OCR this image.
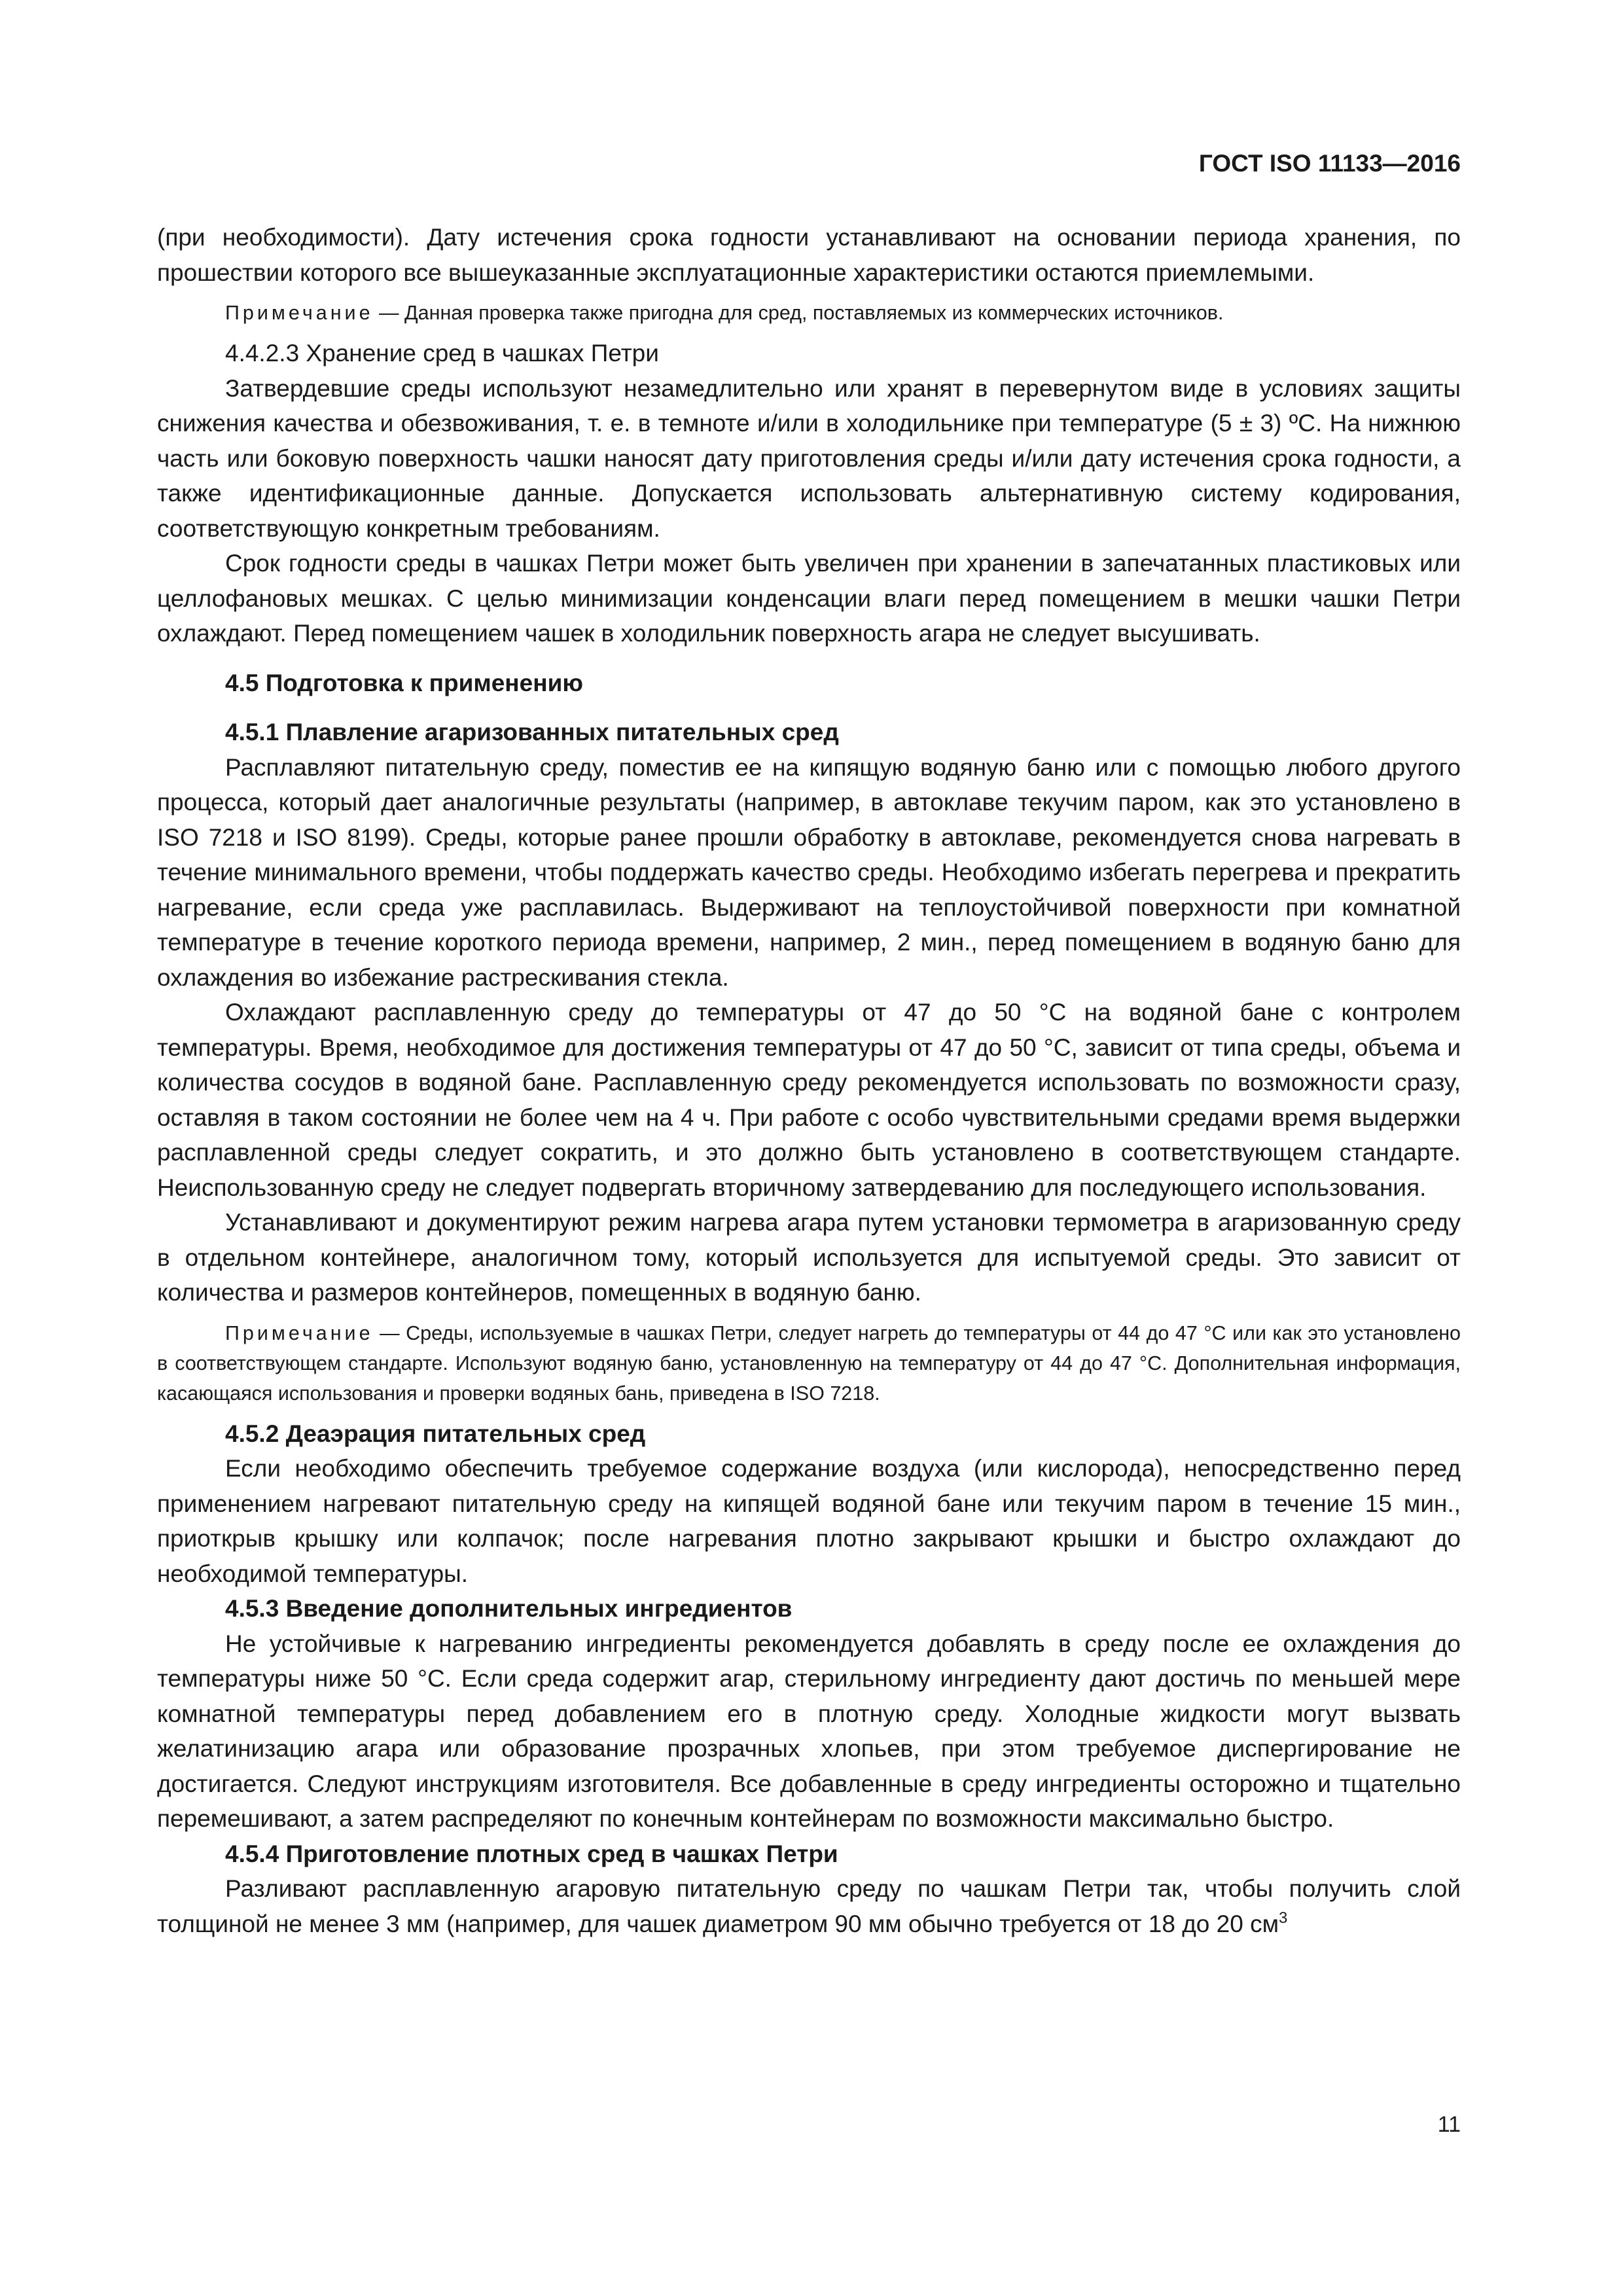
ГОСТ ISO 11133—2016

(при необходимости). Дату истечения срока годности устанавливают на основании периода хранения, по прошествии которого все вышеуказанные эксплуатационные характеристики остаются приемлемыми.

Примечание — Данная проверка также пригодна для сред, поставляемых из коммерческих источников.

4.4.2.3 Хранение сред в чашках Петри

Затвердевшие среды используют незамедлительно или хранят в перевернутом виде в условиях защиты снижения качества и обезвоживания, т. е. в темноте и/или в холодильнике при температуре (5 ± 3) ºC. На нижнюю часть или боковую поверхность чашки наносят дату приготовления среды и/или дату истечения срока годности, а также идентификационные данные. Допускается использовать альтернативную систему кодирования, соответствующую конкретным требованиям.

Срок годности среды в чашках Петри может быть увеличен при хранении в запечатанных пластиковых или целлофановых мешках. С целью минимизации конденсации влаги перед помещением в мешки чашки Петри охлаждают. Перед помещением чашек в холодильник поверхность агара не следует высушивать.

4.5 Подготовка к применению

4.5.1 Плавление агаризованных питательных сред

Расплавляют питательную среду, поместив ее на кипящую водяную баню или с помощью любого другого процесса, который дает аналогичные результаты (например, в автоклаве текучим паром, как это установлено в ISO 7218 и ISO 8199). Среды, которые ранее прошли обработку в автоклаве, рекомендуется снова нагревать в течение минимального времени, чтобы поддержать качество среды. Необходимо избегать перегрева и прекратить нагревание, если среда уже расплавилась. Выдерживают на теплоустойчивой поверхности при комнатной температуре в течение короткого периода времени, например, 2 мин., перед помещением в водяную баню для охлаждения во избежание растрескивания стекла.

Охлаждают расплавленную среду до температуры от 47 до 50 °C на водяной бане с контролем температуры. Время, необходимое для достижения температуры от 47 до 50 °C, зависит от типа среды, объема и количества сосудов в водяной бане. Расплавленную среду рекомендуется использовать по возможности сразу, оставляя в таком состоянии не более чем на 4 ч. При работе с особо чувствительными средами время выдержки расплавленной среды следует сократить, и это должно быть установлено в соответствующем стандарте. Неиспользованную среду не следует подвергать вторичному затвердеванию для последующего использования.

Устанавливают и документируют режим нагрева агара путем установки термометра в агаризованную среду в отдельном контейнере, аналогичном тому, который используется для испытуемой среды. Это зависит от количества и размеров контейнеров, помещенных в водяную баню.

Примечание — Среды, используемые в чашках Петри, следует нагреть до температуры от 44 до 47 °C или как это установлено в соответствующем стандарте. Используют водяную баню, установленную на температуру от 44 до 47 °C. Дополнительная информация, касающаяся использования и проверки водяных бань, приведена в ISO 7218.

4.5.2 Деаэрация питательных сред

Если необходимо обеспечить требуемое содержание воздуха (или кислорода), непосредственно перед применением нагревают питательную среду на кипящей водяной бане или текучим паром в течение 15 мин., приоткрыв крышку или колпачок; после нагревания плотно закрывают крышки и быстро охлаждают до необходимой температуры.

4.5.3 Введение дополнительных ингредиентов

Не устойчивые к нагреванию ингредиенты рекомендуется добавлять в среду после ее охлаждения до температуры ниже 50 °C. Если среда содержит агар, стерильному ингредиенту дают достичь по меньшей мере комнатной температуры перед добавлением его в плотную среду. Холодные жидкости могут вызвать желатинизацию агара или образование прозрачных хлопьев, при этом требуемое диспергирование не достигается. Следуют инструкциям изготовителя. Все добавленные в среду ингредиенты осторожно и тщательно перемешивают, а затем распределяют по конечным контейнерам по возможности максимально быстро.

4.5.4 Приготовление плотных сред в чашках Петри

Разливают расплавленную агаровую питательную среду по чашкам Петри так, чтобы получить слой толщиной не менее 3 мм (например, для чашек диаметром 90 мм обычно требуется от 18 до 20 $см^3$

11
